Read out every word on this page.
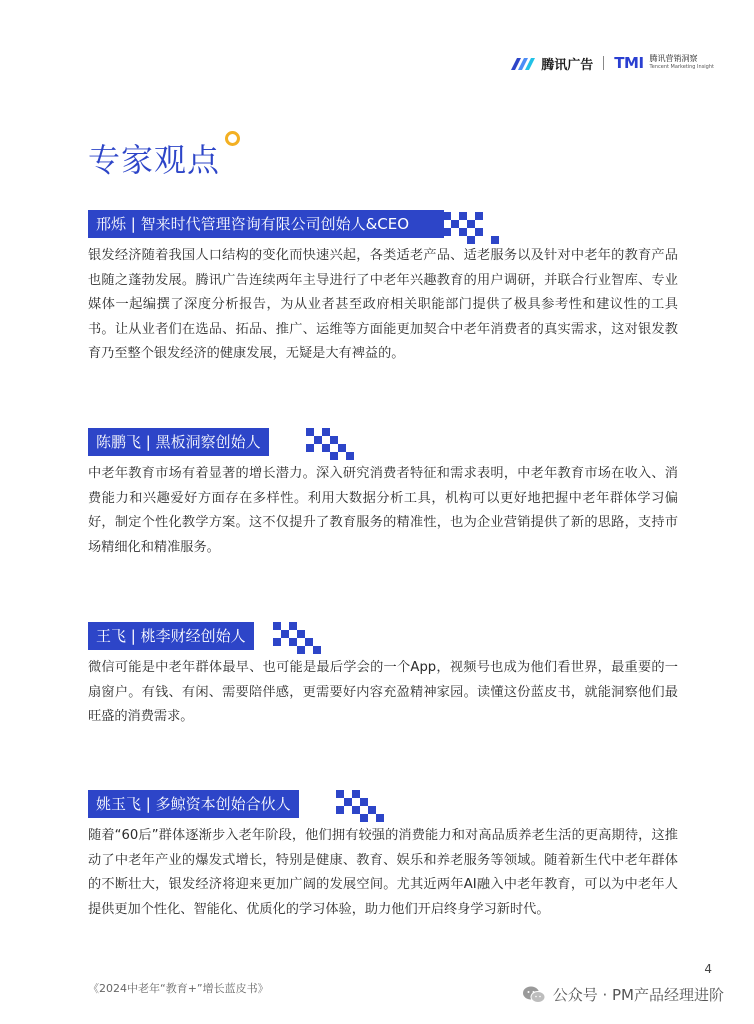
腾讯广告 TMI 腾讯营销洞察
Tencent Marketing Insight
专家观点
邢烁 | 智来时代管理咨询有限公司创始人&CEO

银发经济随着我国人口结构的变化而快速兴起，各类适老产品、适老服务以及针对中老年的教育产品也随之蓬勃发展。腾讯广告连续两年主导进行了中老年兴趣教育的用户调研，并联合行业智库、专业媒体一起编撰了深度分析报告，为从业者甚至政府相关职能部门提供了极具参考性和建议性的工具书。让从业者们在选品、拓品、推广、运维等方面能更加契合中老年消费者的真实需求，这对银发教育乃至整个银发经济的健康发展，无疑是大有裨益的。

陈鹏飞 | 黑板洞察创始人

中老年教育市场有着显著的增长潜力。深入研究消费者特征和需求表明，中老年教育市场在收入、消费能力和兴趣爱好方面存在多样性。利用大数据分析工具，机构可以更好地把握中老年群体学习偏好，制定个性化教学方案。这不仅提升了教育服务的精准性，也为企业营销提供了新的思路，支持市场精细化和精准服务。

王飞 | 桃李财经创始人

微信可能是中老年群体最早、也可能是最后学会的一个App，视频号也成为他们看世界，最重要的一扇窗户。有钱、有闲、需要陪伴感，更需要好内容充盈精神家园。读懂这份蓝皮书，就能洞察他们最旺盛的消费需求。

姚玉飞 | 多鲸资本创始合伙人

随着“60后”群体逐渐步入老年阶段，他们拥有较强的消费能力和对高品质养老生活的更高期待，这推动了中老年产业的爆发式增长，特别是健康、教育、娱乐和养老服务等领域。随着新生代中老年群体的不断壮大，银发经济将迎来更加广阔的发展空间。尤其近两年AI融入中老年教育，可以为中老年人提供更加个性化、智能化、优质化的学习体验，助力他们开启终身学习新时代。

《2024中老年“教育+”增长蓝皮书》
4
公众号 · PM产品经理进阶
